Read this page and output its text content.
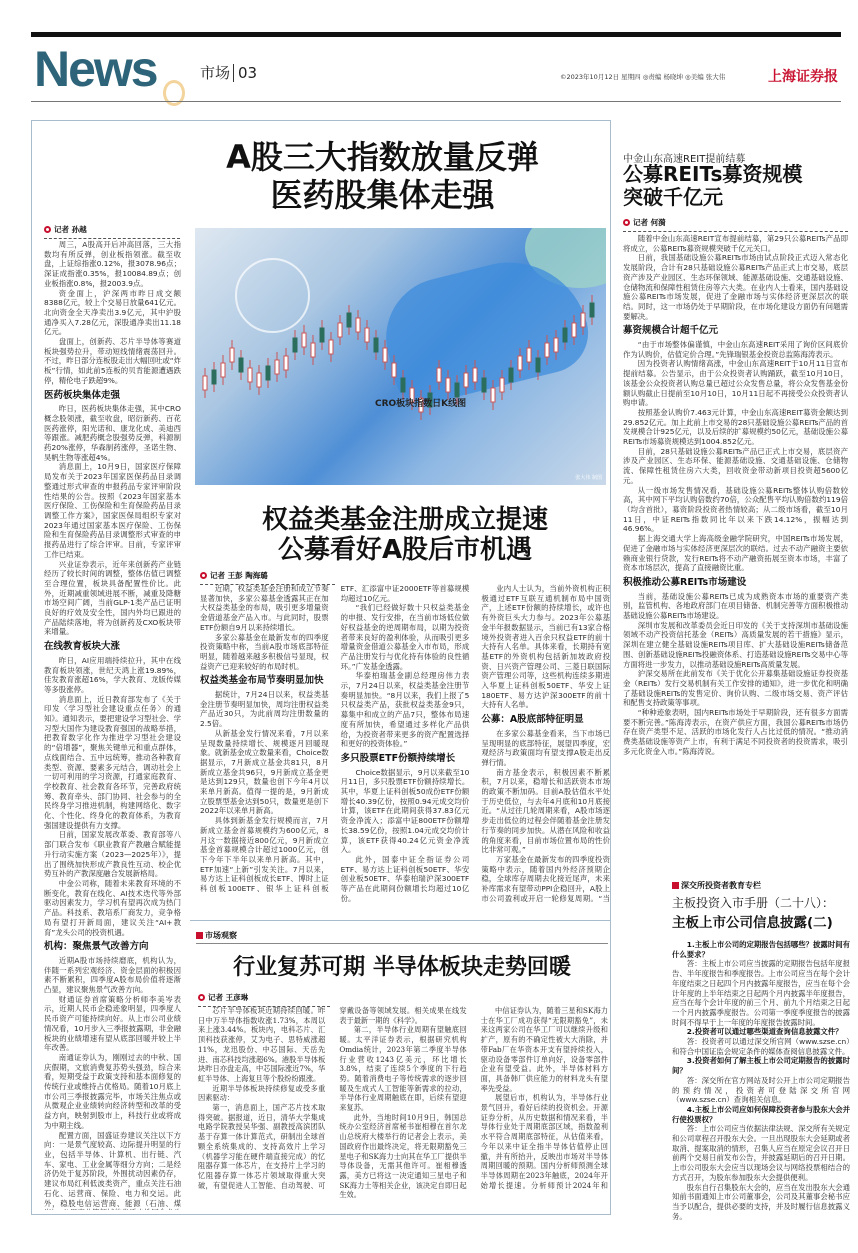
News	市场 03	©2023年10月12日 星期四 ◎责编 杨晓坤 ◎美编 张大伟	上海证券报
A股三大指数放量反弹
医药股集体走强
记者 孙越

周三，A股高开后冲高回落，三大指数均有所反弹，创业板指领涨。截至收盘，上证综指涨0.12%，报3078.96点；深证成指涨0.35%，报10084.89点；创业板指涨0.8%，报2003.9点。

资金面上，沪深两市昨日成交额8388亿元，较上个交易日放量641亿元。北向资金全天净卖出3.9亿元，其中沪股通净买入7.28亿元，深股通净卖出11.18亿元。

盘面上，创新药、芯片半导体等赛道板块强势拉升，带动短线情绪震荡回升。不过，昨日部分连板股走出大幅回吐或“炸板”行情，如此前5连板的贝肯能源遭遇跌停，精伦电子跌超9%。

医药板块集体走强

昨日，医药板块集体走强，其中CRO概念股领涨，截至收盘，昭衍新药、百花医药涨停，阳光诺和、康龙化成、美迪西等跟涨。减肥药概念股强势反弹，科源制药20%涨停，华森制药涨停，圣诺生物、昊帆生物等涨超4%。

消息面上，10月9日，国家医疗保障局发布关于2023年国家医保药品目录调整通过形式审查的申报药品专家评审阶段性结果的公告。按照《2023年国家基本医疗保险、工伤保险和生育保险药品目录调整工作方案》，国家医保局组织专家对2023年通过国家基本医疗保险、工伤保险和生育保险药品目录调整形式审查的申报药品进行了综合评审。目前，专家评审工作已结束。

兴业证券表示，近年来创新药产业链经历了较长时间的调整，整体估值已调整至合理位置，板块具备配置性价比。此外，近期减重领域进展不断，减重及降糖市场空间广阔，当前GLP-1类产品已证明良好的疗效及安全性，国内外均已跟进的产品陆续落地，将为创新药及CXO板块带来增量。

在线教育板块大涨

昨日，AI应用端持续拉升，其中在线教育板块领涨，世纪天鸿上涨19.89%，佳发教育涨超16%，学大教育、龙版传媒等多股涨停。

消息面上，近日教育部发布了《关于印发〈学习型社会建设重点任务〉的通知》。通知表示，要把建设学习型社会、学习型大国作为建设教育强国的战略举措，把教育数字化作为推进学习型社会建设的“倍增器”，聚焦关键单元和重点群体，点线面结合、五中远统筹，推动各种教育类型、资源、要素多元结合，调动社会上一切可利用的学习资源，打通家庭教育、学校教育、社会教育各环节，完善政府统筹、教育牵头、部门协同、社会参与的全民终身学习推进机制，构建网络化、数字化、个性化、终身化的教育体系，为教育强国建设提供有力支撑。

日前，国家发展改革委、教育部等八部门联合发布《职业教育产教融合赋能提升行动实施方案（2023—2025年）》，提出了围绕加快形成产教良性互动、校企优势互补的产教深度融合发展新格局。

中金公司称，随着未来教育环境的不断变化，教育在线化、AI技术迭代等外部驱动因素发力，学习机有望再次成为热门产品。科技系、教培系厂商发力，竞争格局有望打开新局面，建议关注“AI+教育”龙头公司的投资机遇。

机构：聚焦景气改善方向

近期A股市场持续磨底，机构认为，伴随一系列宏观经济、资金层面的积极因素不断累积，四季度A股布局价值将逐渐凸显，建议聚焦景气改善方向。

财通证券首席策略分析师李美岑表示，近期人民币企稳迹象明显，四季度人民币资产可能持续向好。从上市公司业绩情况看，10月步入三季报披露期，非金融板块的业绩增速有望从底部回暖并较上半年改善。

南通证券认为，刚刚过去的中秋、国庆假期，文旅消费复苏势头强劲，综合来看，短期受益于政策支持和基本面修复的传统行业或维持占优格局。随着10月底上市公司三季报披露完毕，市场关注焦点或从微观企业业绩转向经济转型和改革的受益方向，映射到股市上，科技行业或将成为中期主线。

配置方面，国盛证券建议关注以下方向：一是景气度较高、边际提升明显的行业，包括半导体、计算机、出行链、汽车、家电、工业金属等细分方向；二是经济仍处于复苏阶段，外围扰动因素仍存，建议布局红利低波类资产，重点关注石油石化、运营商、保险、电力和交运。此外，稳股电信运营商、能源（石油、煤

CRO板块指数日K线图
张大伟 制图
权益类基金注册成立提速
公募看好A股后市机遇
记者 王彭 陶海璐

近期，权益类基金注册和成立节奏显著加快，多家公募基金透露其正在加大权益类基金的布局，吸引更多增量资金借道基金产品入市。与此同时，股票ETF份额自9月以来持续增长。

多家公募基金在最新发布的四季度投资策略中称，当前A股市场底部特征明显，随着越来越多积极信号显现，权益资产已迎来较好的布局时机。

权益类基金布局节奏明显加快

据统计，7月24日以来，权益类基金注册节奏明显加快，周均注册权益类产品近30只，为此前周均注册数量的2.5倍。

从新基金发行情况来看，7月以来呈现数量持续增长、规模逐月回暖现象。就新基金成立数量来看，Choice数据显示，7月新成立基金共81只，8月新成立基金共96只，9月新成立基金更是达到129只，数量也创下今年4月以来单月新高。值得一提的是，9月新成立股票型基金达到50只，数量更是创下2022年以来单月新高。

具体到新基金发行规模而言，7月新成立基金首募规模约为600亿元，8月这一数据接近800亿元，9月新成立基金首募规模合计超过1000亿元，创下今年下半年以来单月新高。其中，ETF加速“上新”引发关注。7月以来，易方达上证科创板成长ETF、博时上证科创板100ETF、银华上证科创板ETF、汇添富中证2000ETF等首募规模均超过10亿元。

“我们已经做好数十只权益类基金的申报、发行安排，在当前市场低位做好权益基金的逆周期布局，以期为投资者带来良好的盈利体验，从而吸引更多增量资金借道公募基金入市布局，形成产品注册发行与优化持有体验的良性循环。”广发基金透露。

华泰柏瑞基金副总经理房伟力表示，7月24日以来，权益类基金注册节奏明显加快。“8月以来，我们上报了5只权益类产品，获批权益类基金9只，募集中和成立的产品7只，整体布局速度有所加快，希望通过多样化产品供给，为投资者带来更多的资产配置选择和更好的投资体验。”

多只股票ETF份额持续增长

Choice数据显示，9月以来截至10月11日，多只股票ETF份额持续增长。其中，华夏上证科创板50成份ETF份额增长40.39亿份，按照0.94元成交均价计算，该ETF在此期间获得37.83亿元资金净流入；添富中证800ETF份额增长38.59亿份，按照1.04元成交均价计算，该ETF获得40.24亿元资金净流入。

此外，国泰中证全指证券公司ETF、易方达上证科创板50ETF、华安创业板50ETF、华泰柏瑞沪深300ETF等产品在此期间份额增长均超过10亿份。

业内人士认为，当前外资机构正积极通过ETF互联互通机制布局中国资产，上述ETF份额的持续增长，或许也有外资巨头大力参与。2023年公募基金半年报数据显示，当前已有13家合格境外投资者进入百余只权益ETF的前十大持有人名单。具体来看，长期持有宽基ETF的外资机构包括新加坡政府投资、日兴资产管理公司、三菱日联国际资产管理公司等，这些机构连续多期进入华夏上证科创板50ETF、华安上证180ETF、易方达沪深300ETF的前十大持有人名单。

公募：A股底部特征明显

在多家公募基金看来，当下市场已呈现明显的底部特征，展望四季度，宏观经济与政策面均有望支撑A股走出反弹行情。

南方基金表示，积极因素不断累积，7月以来，稳增长和活跃资本市场的政策不断加码。目前A股估值水平处于历史低位，与去年4月底和10月底接近。“从过往几轮周期来看，A股市场逐步走出低位的过程会伴随着基金注册发行节奏的同步加快。从潜在风险和收益的角度来看，目前市场位置布局的性价比非常可观。”

万家基金在最新发布的四季度投资策略中表示，随着国内外经济预期企稳，全球库存周期去化接近尾声，未来补库需求有望带动PPI企稳回升，A股上市公司盈利或开启一轮修复周期。“当

市场观察
行业复苏可期 半导体板块走势回暖
记者 王彦琳

芯片半导体板块近期持续回暖。昨日中万半导体指数收涨1.73%，本周以来上涨3.44%。板块内，电科芯片、汇顶科技获涨停，艾为电子、思特威涨超11%，龙迅股份、中芯国际、天岳先进、南芯科技均涨超6%。港股半导体板块昨日亦盘走高，中芯国际涨近7%，华虹半导体、上海复旦等个股纷纷跟涨。

近期半导体板块持续修复或受多重因素驱动：

第一，消息面上，国产芯片技术取得突破。据报道，近日，清华大学集成电路学院教授吴华强、副教授高滨团队基于存算一体计算范式，研制出全球首颗全系统集成的、支持高效片上学习（机器学习能在硬件端直接完成）的忆阻器存算一体芯片，在支持片上学习的忆阻器存算一体芯片领域取得重大突破，有望促进人工智能、自动驾驶、可穿戴设备等领域发展。相关成果在线发表于最新一期的《科学》。

第二，半导体行业周期有望触底回暖。太平洋证券表示，根据研究机构Omdia统计，2023年第二季度半导体行业营收1243亿美元，环比增长3.8%，结束了连续5个季度的下行趋势。随着消费电子等传统需求的逐步回暖及生成式人工智能等新需求的拉动，半导体行业周期触底在即，后续有望迎来复苏。

此外，当地时间10月9日，韩国总统办公室经济首席秘书崔相穆在首尔龙山总统府大楼举行的记者会上表示，美国政府作出最终决定，将无限期豁免三星电子和SK海力士向其在华工厂提供半导体设备，无需其他许可。崔相穆透露，美方已将这一决定通知三星电子和SK海力士等相关企业，该决定自即日起生效。

中信证券认为，随着三星和SK海力士在华工厂成功获得“无限期豁免”，未来这两家公司在华工厂可以继续升级和扩产，原有的不确定性被大大消除，并带Fab厂在华资本开支有望持续投入，驱动设备零部件订单向好，设备零部件企业有望受益。此外，半导体材料方面，具备韩厂供应能力的材料龙头有望率先受益。

展望后市，机构认为，半导体行业景气回升，看好后续的投资机会。开源证券分析，从历史数据和情况来看，半导体行业处于周期底部区域，指数盈利水平符合周期底部特征，从估值来看，今年以来中证全指半导体估值停止回撤，并有所抬升，反映出市场对半导体周期回暖的预期。国内分析师预测全球半导体周期在2023年触底，2024年开始增长提速。分析师预计2024年和

中金山东高速REIT提前结募
公募REITs募资规模
突破千亿元
记者 何漪

随着中金山东高速REIT宣布提前结募，第29只公募REITs产品即将成立，公募REITs募资规模突破千亿元关口。

日前，我国基础设施公募REITs市场由试点阶段正式迈入常态化发展阶段，合计有28只基础设施公募REITs产品正式上市交易，底层资产涉及产业园区、生态环保领域、能源基础设施、交通基础设施、仓储物流和保障性租赁住房等六大类。在业内人士看来，国内基础设施公募REITs市场发展，促进了金融市场与实体经济更深层次的联结。同时，这一市场仍处于早期阶段，在市场化建设方面仍有问题需要解决。

募资规模合计超千亿元

“由于市场整体偏谨慎，中金山东高速REIT采用了询价区间底价作为认购价，估值定价合理。”先锋瑞银基金投资总监陈海涛表示。

因为投资者认购情绪高涨，中金山东高速REIT于10月11日宣布提前结募。公告显示，由于公众投资者认购踊跃，截至10月10日，该基金公众投资者认购总量已超过公众发售总量，将公众发售基金份额认购截止日提前至10月10日，10月11日起不再接受公众投资者认购申请。

按照基金认购价7.463元计算，中金山东高速REIT募资金额达到29.852亿元。加上此前上市交易的28只基础设施公募REITs产品的首发规模合计925亿元，以及后续的扩募规模约50亿元，基础设施公募REITs市场募资规模达到1004.852亿元。

目前，28只基础设施公募REITs产品已正式上市交易，底层资产涉及产业园区、生态环保、能源基础设施、交通基础设施、仓储物流、保障性租赁住房六大类，回收资金带动新项目投资超5600亿元。

从一级市场发售情况看，基础设施公募REITs整体认购倍数较高，其中网下平均认购倍数约70倍，公众配售平均认购倍数约119倍（均含首批），募资阶段投资者热情较高；从二级市场看，截至10月11日，中证REITs指数同比年以来下跌14.12%，振幅达到46.96%。

据上海交通大学上海高级金融学院研究，中国REITs市场发展，促进了金融市场与实体经济更深层次的联结。过去不动产融资主要依赖商业银行贷款，发行REITs将不动产融资拓展至资本市场，丰富了资本市场层次，提高了直接融资比重。

积极推动公募REITs市场建设

当前，基础设施公募REITs已成为成熟资本市场的重要资产类别，监管机构、各地政府部门在项目储备、机制完善等方面积极推动基础设施公募REITs市场建设。

深圳市发展和改革委员会近日印发的《关于支持深圳市基础设施领域不动产投资信托基金（REITs）高质量发展的若干措施》显示，深圳在建立健全基础设施REITs项目库、扩大基础设施REITs储备范围、创新基础设施REITs投融资体系、打造基础设施REITs交易中心等方面将进一步发力，以推动基础设施REITs高质量发展。

沪深交易所在此前发布《关于优化公开募集基础设施证券投资基金（REITs）发行交易机制有关工作安排的通知》，进一步优化和明确了基础设施REITs的发售定价、询价认购、二级市场交易、资产评估和配售支持政策等事项。

“种种迹象表明，国内REITs市场处于早期阶段，还有很多方面需要不断完善。”陈海涛表示，在资产供应方面，我国公募REITs市场仍存在资产类型不足、活跃的市场化发行人占比过低的情况。“推动消费类基础设施等资产上市，有利于满足不同投资者的投资需求，吸引多元化资金入市。”陈海涛说。

深交所投资者教育专栏
主板投资入市手册（二十八）：
主板上市公司信息披露(二)

1.主板上市公司的定期报告包括哪些？披露时间有什么要求？

答：主板上市公司应当披露的定期报告包括年度报告、半年度报告和季度报告。上市公司应当在每个会计年度结束之日起四个月内披露年度报告，应当在每个会计年度的上半年结束之日起两个月内披露半年度报告，应当在每个会计年度的前三个月、前九个月结束之日起一个月内披露季度报告。公司第一季度季度报告的披露时间不得早于上一年度的年度报告披露时间。

2.投资者可以通过哪些渠道查询信息披露文件？

答：投资者可以通过深交所官网（www.szse.cn）和符合中国证监会规定条件的媒体查阅信息披露文件。

3.投资者如何了解主板上市公司定期报告的披露时间？

答：深交所在官方网站及时公开上市公司定期报告的预约情况，投资者可登陆深交所官网（www.szse.cn）查询相关信息。

4.主板上市公司应如何保障投资者参与股东大会并行使投票权？

答：上市公司应当依据法律法规、深交所有关规定和公司章程召开股东大会。一旦出现股东大会延期或者取消、提案取消的情形，召集人应当在原定会议召开日前两个交易日前发布公告，并披露延期后的召开日期。上市公司股东大会应当以现场会议与网络投票相结合的方式召开，为股东参加股东大会提供便利。

股东自行召集股东大会的，应当在发出股东大会通知前书面通知上市公司董事会，公司及其董事会秘书应当予以配合，提供必要的支持，并及时履行信息披露义务。
